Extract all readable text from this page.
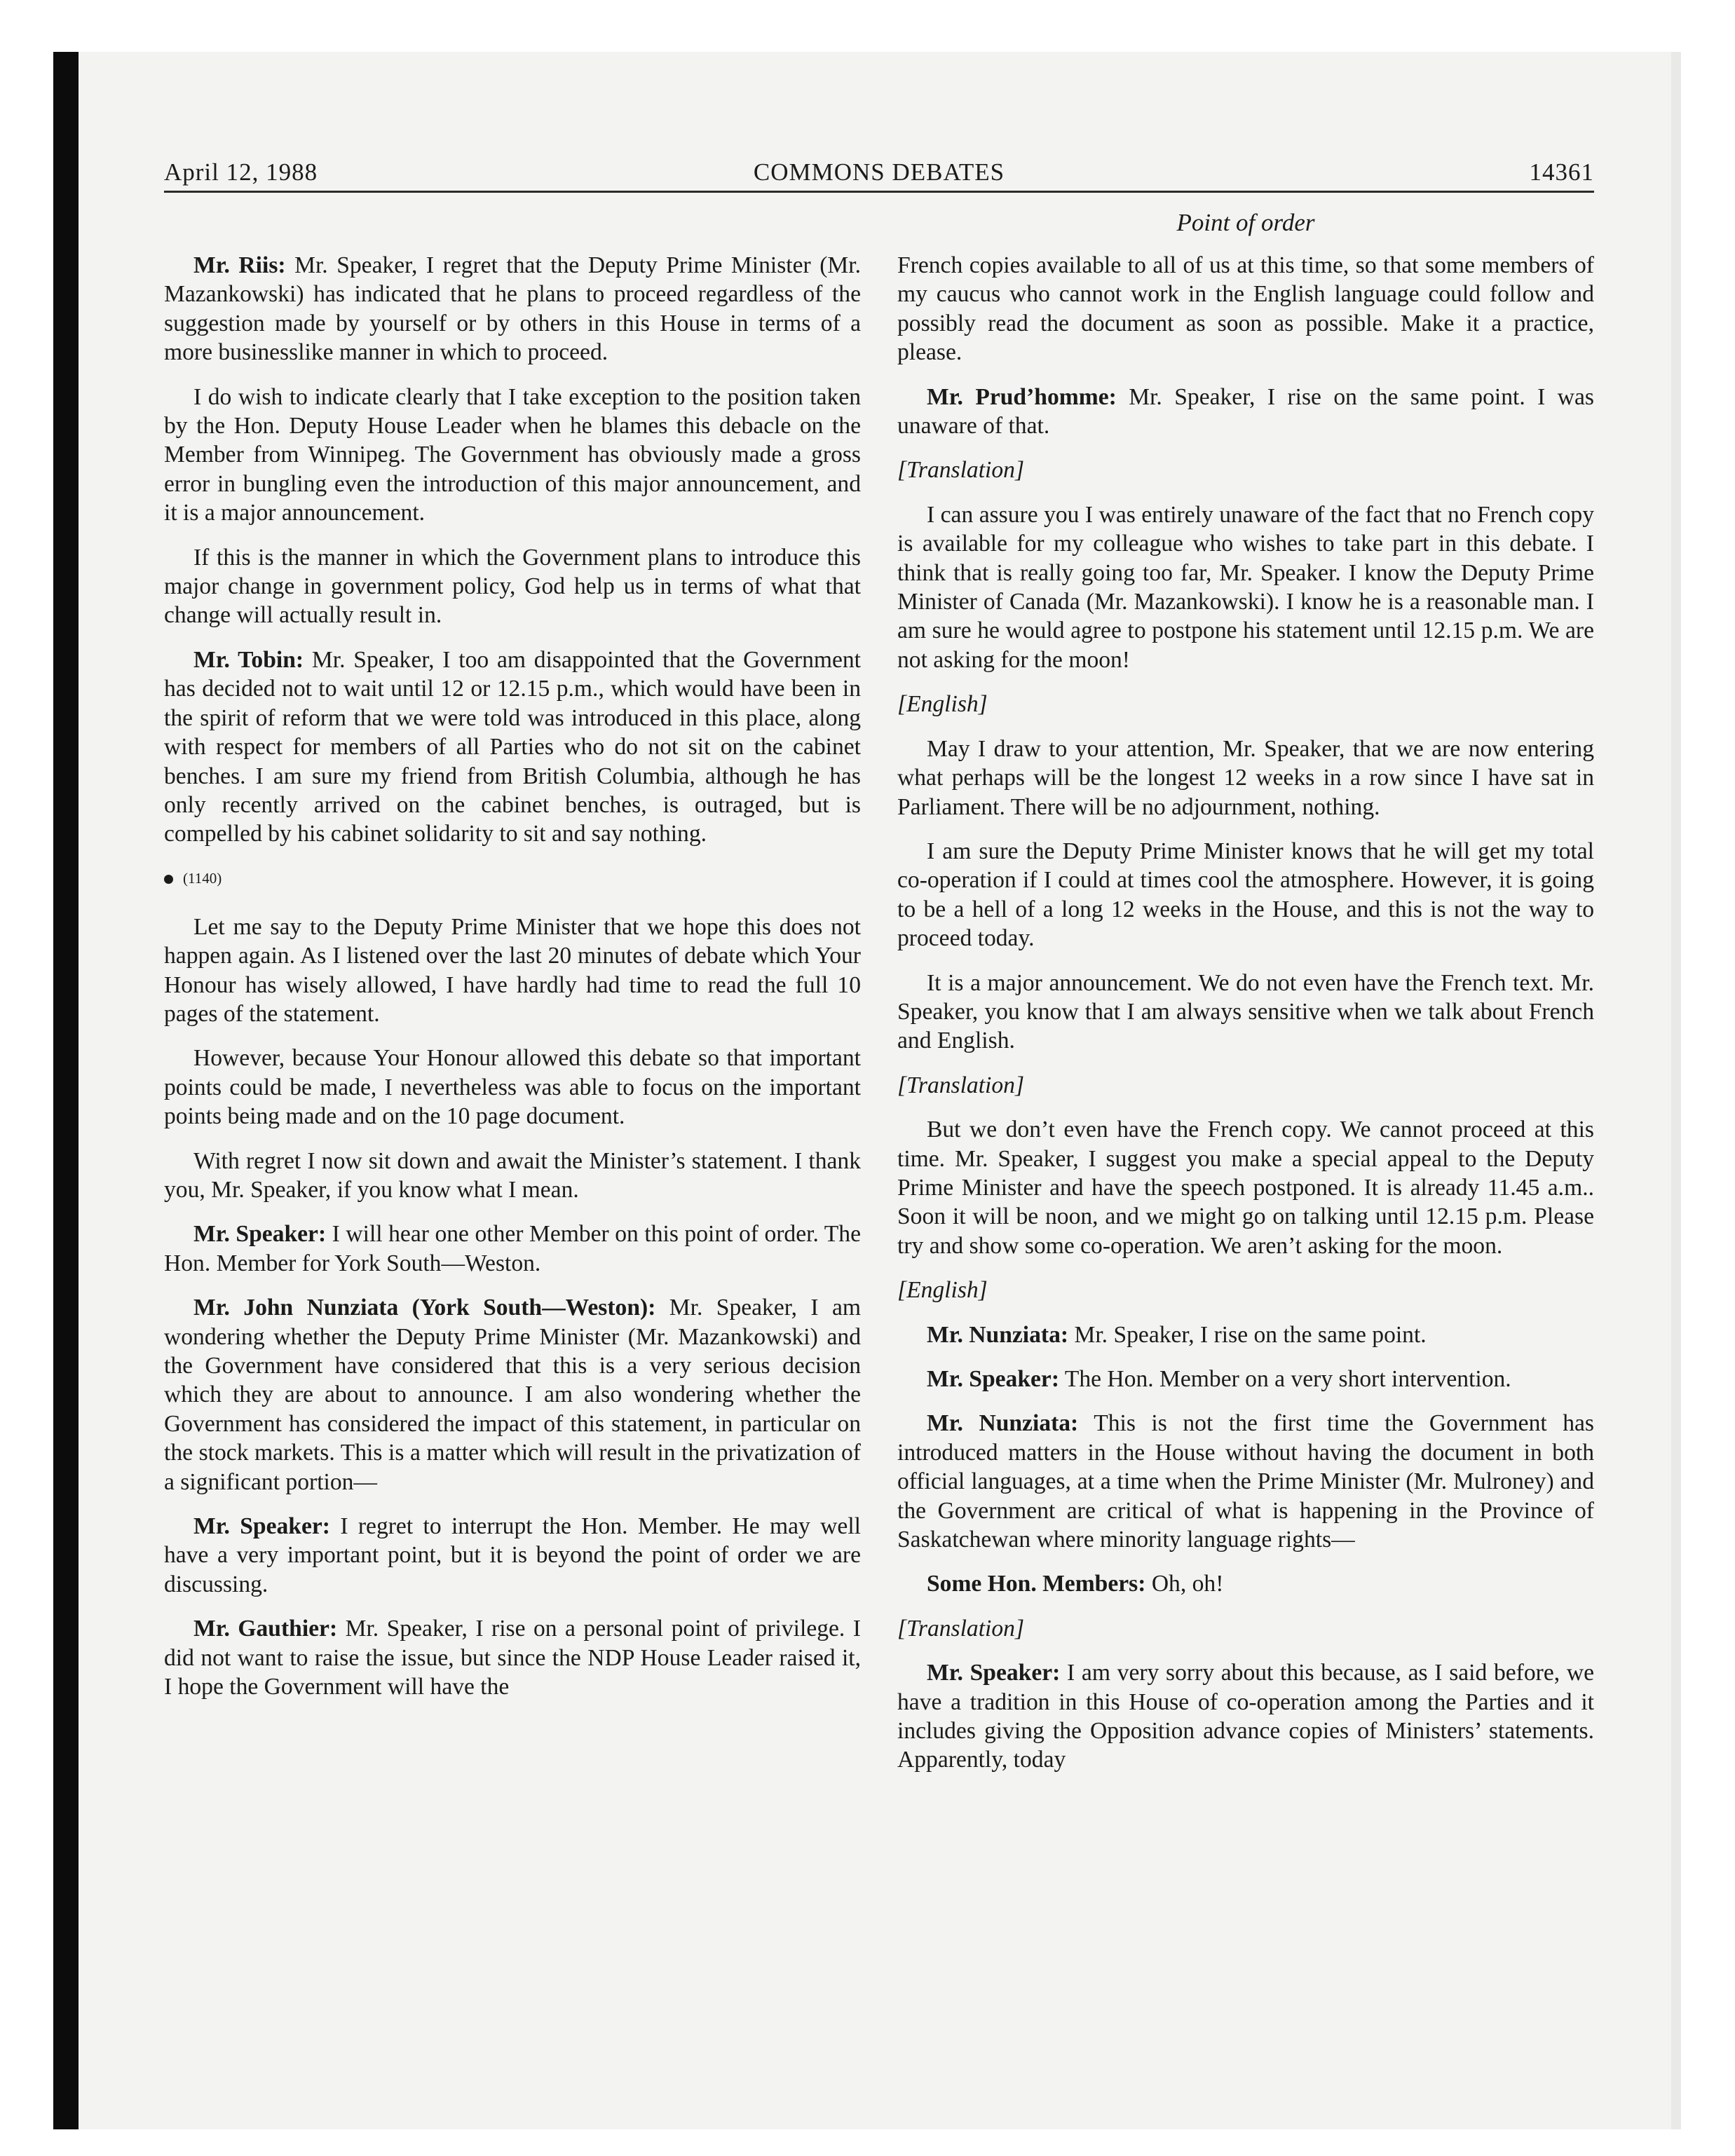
COMMONS DEBATES
April 12, 1988	14361
Point of order

Mr. Riis: Mr. Speaker, I regret that the Deputy Prime Minister (Mr. Mazankowski) has indicated that he plans to proceed regardless of the suggestion made by yourself or by others in this House in terms of a more businesslike manner in which to proceed.

I do wish to indicate clearly that I take exception to the position taken by the Hon. Deputy House Leader when he blames this debacle on the Member from Winnipeg. The Government has obviously made a gross error in bungling even the introduction of this major announcement, and it is a major announcement.

If this is the manner in which the Government plans to introduce this major change in government policy, God help us in terms of what that change will actually result in.

Mr. Tobin: Mr. Speaker, I too am disappointed that the Government has decided not to wait until 12 or 12.15 p.m., which would have been in the spirit of reform that we were told was introduced in this place, along with respect for members of all Parties who do not sit on the cabinet benches. I am sure my friend from British Columbia, although he has only recently arrived on the cabinet benches, is outraged, but is compelled by his cabinet solidarity to sit and say nothing.

(1140)

Let me say to the Deputy Prime Minister that we hope this does not happen again. As I listened over the last 20 minutes of debate which Your Honour has wisely allowed, I have hardly had time to read the full 10 pages of the statement.

However, because Your Honour allowed this debate so that important points could be made, I nevertheless was able to focus on the important points being made and on the 10 page document.

With regret I now sit down and await the Minister’s statement. I thank you, Mr. Speaker, if you know what I mean.

Mr. Speaker: I will hear one other Member on this point of order. The Hon. Member for York South—Weston.

Mr. John Nunziata (York South—Weston): Mr. Speaker, I am wondering whether the Deputy Prime Minister (Mr. Mazankowski) and the Government have considered that this is a very serious decision which they are about to announce. I am also wondering whether the Government has considered the impact of this statement, in particular on the stock markets. This is a matter which will result in the privatization of a significant portion—

Mr. Speaker: I regret to interrupt the Hon. Member. He may well have a very important point, but it is beyond the point of order we are discussing.

Mr. Gauthier: Mr. Speaker, I rise on a personal point of privilege. I did not want to raise the issue, but since the NDP House Leader raised it, I hope the Government will have the

French copies available to all of us at this time, so that some members of my caucus who cannot work in the English language could follow and possibly read the document as soon as possible. Make it a practice, please.

Mr. Prud’homme: Mr. Speaker, I rise on the same point. I was unaware of that.

[Translation]

I can assure you I was entirely unaware of the fact that no French copy is available for my colleague who wishes to take part in this debate. I think that is really going too far, Mr. Speaker. I know the Deputy Prime Minister of Canada (Mr. Mazankowski). I know he is a reasonable man. I am sure he would agree to postpone his statement until 12.15 p.m. We are not asking for the moon!

[English]

May I draw to your attention, Mr. Speaker, that we are now entering what perhaps will be the longest 12 weeks in a row since I have sat in Parliament. There will be no adjournment, nothing.

I am sure the Deputy Prime Minister knows that he will get my total co-operation if I could at times cool the atmosphere. However, it is going to be a hell of a long 12 weeks in the House, and this is not the way to proceed today.

It is a major announcement. We do not even have the French text. Mr. Speaker, you know that I am always sensitive when we talk about French and English.

[Translation]

But we don’t even have the French copy. We cannot proceed at this time. Mr. Speaker, I suggest you make a special appeal to the Deputy Prime Minister and have the speech postponed. It is already 11.45 a.m.. Soon it will be noon, and we might go on talking until 12.15 p.m. Please try and show some co-operation. We aren’t asking for the moon.

[English]

Mr. Nunziata: Mr. Speaker, I rise on the same point.

Mr. Speaker: The Hon. Member on a very short intervention.

Mr. Nunziata: This is not the first time the Government has introduced matters in the House without having the document in both official languages, at a time when the Prime Minister (Mr. Mulroney) and the Government are critical of what is happening in the Province of Saskatchewan where minority language rights—

Some Hon. Members: Oh, oh!

[Translation]

Mr. Speaker: I am very sorry about this because, as I said before, we have a tradition in this House of co-operation among the Parties and it includes giving the Opposition advance copies of Ministers’ statements. Apparently, today
